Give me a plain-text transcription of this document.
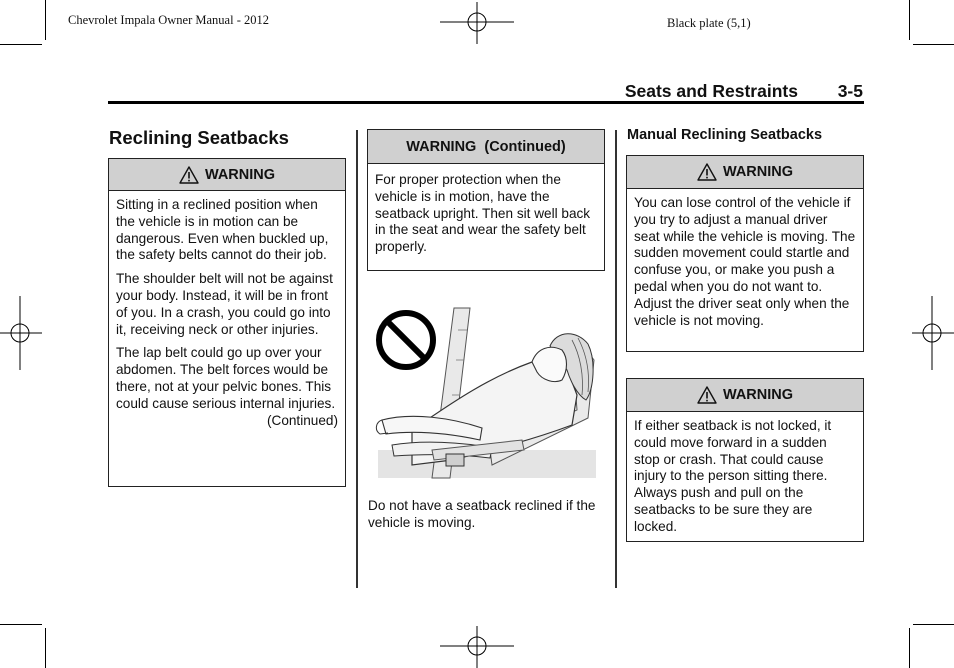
Chevrolet Impala Owner Manual - 2012	Black plate (5,1)
Seats and Restraints 3-5
Reclining Seatbacks
WARNING

Sitting in a reclined position when the vehicle is in motion can be dangerous. Even when buckled up, the safety belts cannot do their job.

The shoulder belt will not be against your body. Instead, it will be in front of you. In a crash, you could go into it, receiving neck or other injuries.

The lap belt could go up over your abdomen. The belt forces would be there, not at your pelvic bones. This could cause serious internal injuries.

(Continued)
WARNING  (Continued)

For proper protection when the vehicle is in motion, have the seatback upright. Then sit well back in the seat and wear the safety belt properly.

Do not have a seatback reclined if the vehicle is moving.
Manual Reclining Seatbacks
WARNING

You can lose control of the vehicle if you try to adjust a manual driver seat while the vehicle is moving. The sudden movement could startle and confuse you, or make you push a pedal when you do not want to. Adjust the driver seat only when the vehicle is not moving.

WARNING

If either seatback is not locked, it could move forward in a sudden stop or crash. That could cause injury to the person sitting there. Always push and pull on the seatbacks to be sure they are locked.
